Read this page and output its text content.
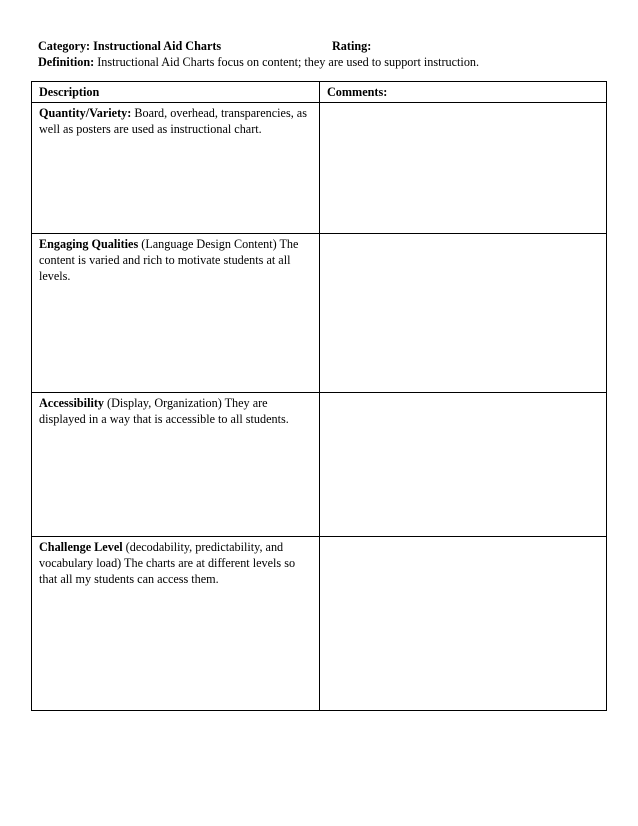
Category: Instructional Aid Charts	Rating:
Definition: Instructional Aid Charts focus on content; they are used to support instruction.
Description	Comments:
Quantity/Variety: Board, overhead, transparencies, as well as posters are used as instructional chart.	
Engaging Qualities (Language Design Content) The content is varied and rich to motivate students at all levels.	
Accessibility (Display, Organization) They are displayed in a way that is accessible to all students.	
Challenge Level (decodability, predictability, and vocabulary load) The charts are at different levels so that all my students can access them.	
